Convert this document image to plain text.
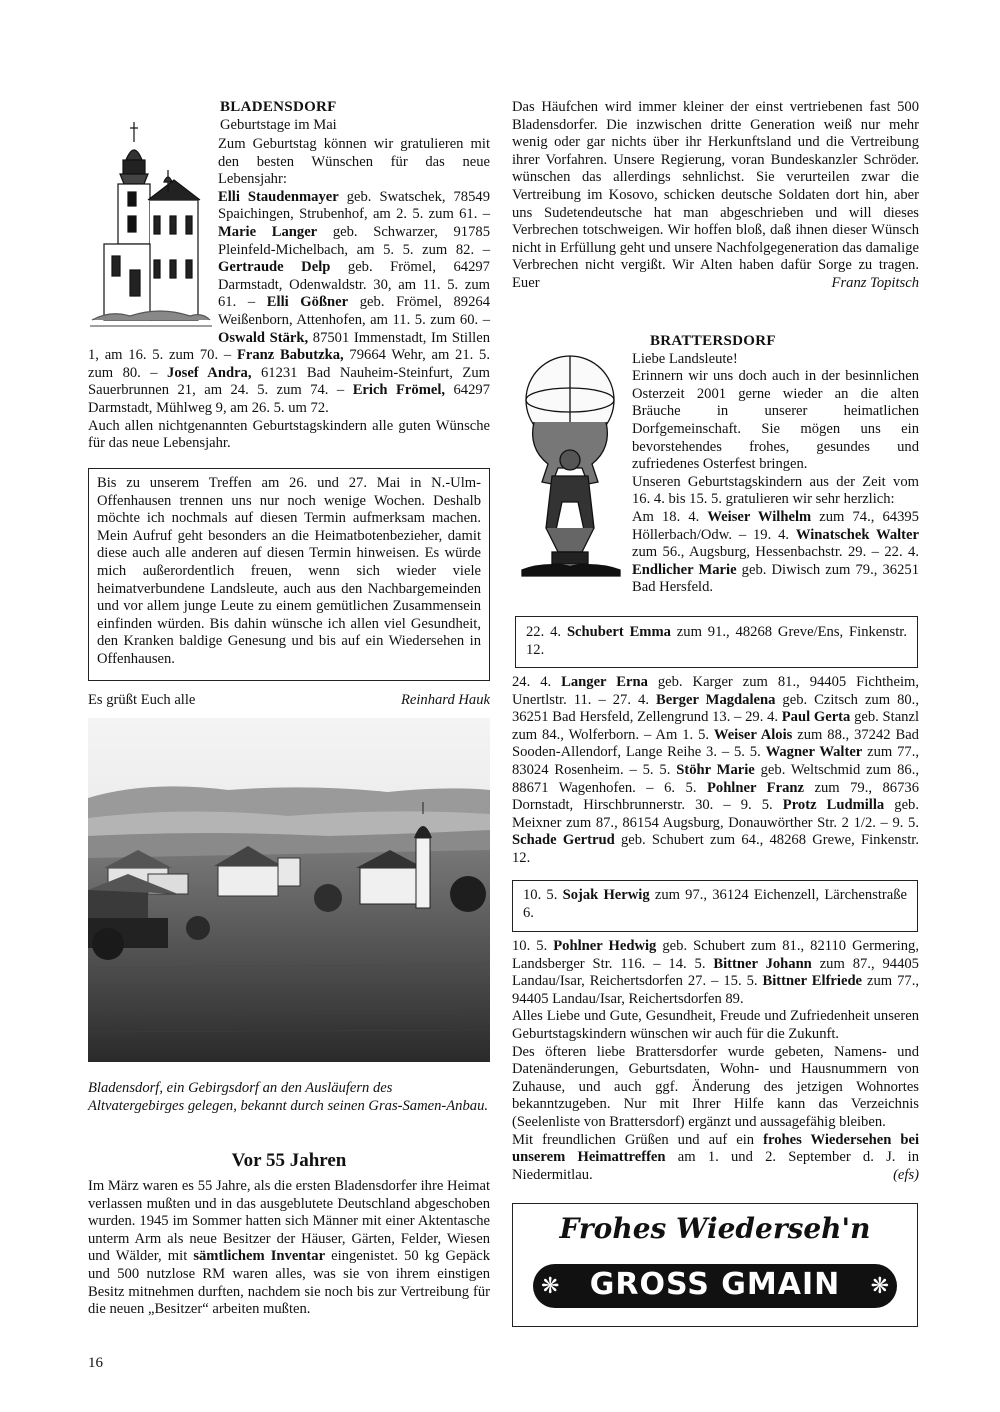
BLADENSDORF
Geburtstage im Mai

Zum Geburtstag können wir gratulieren mit den besten Wünschen für das neue Lebensjahr:
Elli Staudenmayer geb. Swatschek, 78549 Spaichingen, Strubenhof, am 2. 5. zum 61. – Marie Langer geb. Schwarzer, 91785 Pleinfeld-Michelbach, am 5. 5. zum 82. – Gertraude Delp geb. Frömel, 64297 Darmstadt, Odenwaldstr. 30, am 11. 5. zum 61. – Elli Gößner geb. Frömel, 89264 Weißenborn, Attenhofen, am 11. 5. zum 60. – Oswald Stärk, 87501 Immenstadt, Im Stillen 1, am 16. 5. zum 70. – Franz Babutzka, 79664 Wehr, am 21. 5. zum 80. – Josef Andra, 61231 Bad Nauheim-Steinfurt, Zum Sauerbrunnen 21, am 24. 5. zum 74. – Erich Frömel, 64297 Darmstadt, Mühlweg 9, am 26. 5. um 72.

Auch allen nichtgenannten Geburtstagskindern alle guten Wünsche für das neue Lebensjahr.

Bis zu unserem Treffen am 26. und 27. Mai in N.-Ulm-Offenhausen trennen uns nur noch wenige Wochen. Deshalb möchte ich nochmals auf diesen Termin aufmerksam machen. Mein Aufruf geht besonders an die Heimatbotenbezieher, damit diese auch alle anderen auf diesen Termin hinweisen. Es würde mich außerordentlich freuen, wenn sich wieder viele heimatverbundene Landsleute, auch aus den Nachbargemeinden und vor allem junge Leute zu einem gemütlichen Zusammensein einfinden würden. Bis dahin wünsche ich allen viel Gesundheit, den Kranken baldige Genesung und bis auf ein Wiedersehen in Offenhausen.

Es grüßt Euch alle	Reinhard Hauk
Bladensdorf, ein Gebirgsdorf an den Ausläufern des Altvatergebirges gelegen, bekannt durch seinen Gras-Samen-Anbau.
Vor 55 Jahren

Im März waren es 55 Jahre, als die ersten Bladensdorfer ihre Heimat verlassen mußten und in das ausgeblutete Deutschland abgeschoben wurden. 1945 im Sommer hatten sich Männer mit einer Aktentasche unterm Arm als neue Besitzer der Häuser, Gärten, Felder, Wiesen und Wälder, mit sämtlichem Inventar eingenistet. 50 kg Gepäck und 500 nutzlose RM waren alles, was sie von ihrem einstigen Besitz mitnehmen durften, nachdem sie noch bis zur Vertreibung für die neuen „Besitzer“ arbeiten mußten.

16

Das Häufchen wird immer kleiner der einst vertriebenen fast 500 Bladensdorfer. Die inzwischen dritte Generation weiß nur mehr wenig oder gar nichts über ihr Herkunftsland und die Vertreibung ihrer Vorfahren. Unsere Regierung, voran Bundeskanzler Schröder. wünschen das allerdings sehnlichst. Sie verurteilen zwar die Vertreibung im Kosovo, schicken deutsche Soldaten dort hin, aber uns Sudetendeutsche hat man abgeschrieben und will dieses Verbrechen totschweigen. Wir hoffen bloß, daß ihnen dieser Wünsch nicht in Erfüllung geht und unsere Nachfolgegeneration das damalige Verbrechen nicht vergißt. Wir Alten haben dafür Sorge zu tragen. Euer	Franz Topitsch
BRATTERSDORF

Liebe Landsleute!

Erinnern wir uns doch auch in der besinnlichen Osterzeit 2001 gerne wieder an die alten Bräuche in unserer heimatlichen Dorfgemeinschaft. Sie mögen uns ein bevorstehendes frohes, gesundes und zufriedenes Osterfest bringen.

Unseren Geburtstagskindern aus der Zeit vom 16. 4. bis 15. 5. gratulieren wir sehr herzlich:

Am 18. 4. Weiser Wilhelm zum 74., 64395 Höllerbach/Odw. – 19. 4. Winatschek Walter zum 56., Augsburg, Hessenbachstr. 29. – 22. 4. Endlicher Marie geb. Diwisch zum 79., 36251 Bad Hersfeld.

22. 4. Schubert Emma zum 91., 48268 Greve/Ens, Finkenstr. 12.

24. 4. Langer Erna geb. Karger zum 81., 94405 Fichtheim, Unertlstr. 11. – 27. 4. Berger Magdalena geb. Czitsch zum 80., 36251 Bad Hersfeld, Zellengrund 13. – 29. 4. Paul Gerta geb. Stanzl zum 84., Wolferborn. – Am 1. 5. Weiser Alois zum 88., 37242 Bad Sooden-Allendorf, Lange Reihe 3. – 5. 5. Wagner Walter zum 77., 83024 Rosenheim. – 5. 5. Stöhr Marie geb. Weltschmid zum 86., 88671 Wagenhofen. – 6. 5. Pohlner Franz zum 79., 86736 Dornstadt, Hirschbrunnerstr. 30. – 9. 5. Protz Ludmilla geb. Meixner zum 87., 86154 Augsburg, Donauwörther Str. 2 1/2. – 9. 5. Schade Gertrud geb. Schubert zum 64., 48268 Grewe, Finkenstr. 12.

10. 5. Sojak Herwig zum 97., 36124 Eichenzell, Lärchenstraße 6.

10. 5. Pohlner Hedwig geb. Schubert zum 81., 82110 Germering, Landsberger Str. 116. – 14. 5. Bittner Johann zum 87., 94405 Landau/Isar, Reichertsdorfen 27. – 15. 5. Bittner Elfriede zum 77., 94405 Landau/Isar, Reichertsdorfen 89.

Alles Liebe und Gute, Gesundheit, Freude und Zufriedenheit unseren Geburtstagskindern wünschen wir auch für die Zukunft.

Des öfteren liebe Brattersdorfer wurde gebeten, Namens- und Datenänderungen, Geburtsdaten, Wohn- und Hausnummern von Zuhause, und auch ggf. Änderung des jetzigen Wohnortes bekanntzugeben. Nur mit Ihrer Hilfe kann das Verzeichnis (Seelenliste von Brattersdorf) ergänzt und aussagefähig bleiben.

Mit freundlichen Grüßen und auf ein frohes Wiedersehen bei unserem Heimattreffen am 1. und 2. September d. J. in Niedermitlau.	(efs)

Frohes Wiederseh'n
❋	GROSS GMAIN	❋
